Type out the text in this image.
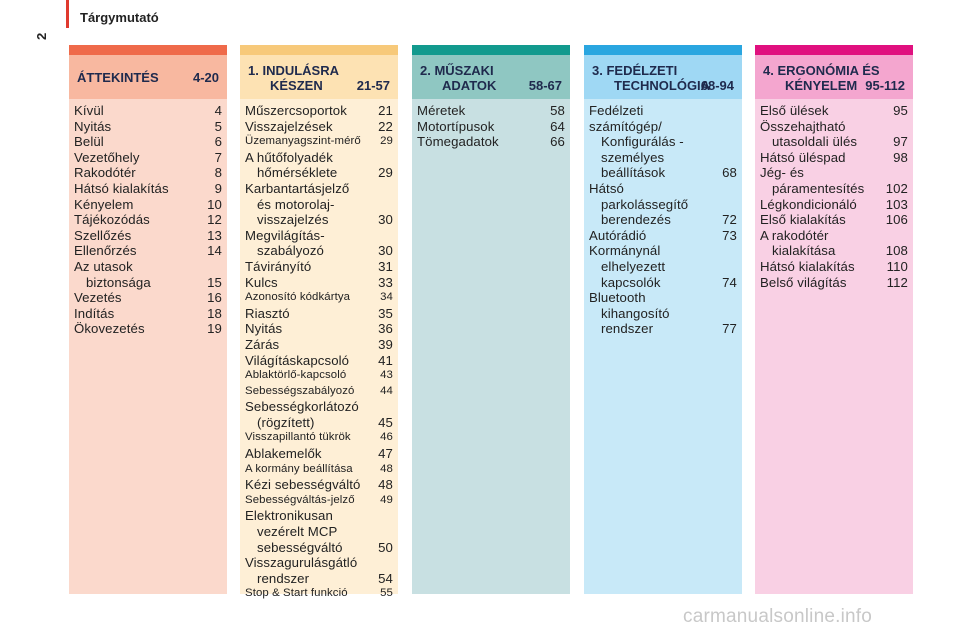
Tárgymutató
2
ÁTTEKINTÉS	4-20
Kívül	4
Nyitás	5
Belül	6
Vezetőhely	7
Rakodótér	8
Hátsó kialakítás	9
Kényelem	10
Tájékozódás	12
Szellőzés	13
Ellenőrzés	14
Az utasok
biztonsága	15
Vezetés	16
Indítás	18
Ökovezetés	19
1. INDULÁSRA
KÉSZEN	21-57
Műszercsoportok	21
Visszajelzések	22
Üzemanyagszint-mérő	29
A hűtőfolyadék
hőmérséklete	29
Karbantartásjelző
és motorolaj-
visszajelzés	30
Megvilágítás-
szabályozó	30
Távirányító	31
Kulcs	33
Azonosító kódkártya	34
Riasztó	35
Nyitás	36
Zárás	39
Világításkapcsoló	41
Ablaktörlő-kapcsoló	43
Sebességszabályozó	44
Sebességkorlátozó
(rögzített)	45
Visszapillantó tükrök	46
Ablakemelők	47
A kormány beállítása	48
Kézi sebességváltó	48
Sebességváltás-jelző	49
Elektronikusan
vezérelt MCP
sebességváltó	50
Visszagurulásgátló
rendszer	54
Stop & Start funkció	55
2. MŰSZAKI
ADATOK	58-67
Méretek	58
Motortípusok	64
Tömegadatok	66
3. FEDÉLZETI
TECHNOLÓGIA
68-94
Fedélzeti számítógép/
Konfigurálás -
személyes
beállítások	68
Hátsó
parkolássegítő
berendezés	72
Autórádió	73
Kormánynál
elhelyezett
kapcsolók	74
Bluetooth
kihangosító
rendszer	77
4. ERGONÓMIA ÉS
KÉNYELEM 95-112
Első ülések	95
Összehajtható
utasoldali ülés	97
Hátsó üléspad	98
Jég- és
páramentesítés	102
Légkondicionáló	103
Első kialakítás	106
A rakodótér
kialakítása	108
Hátsó kialakítás	110
Belső világítás	112
carmanualsonline.info
